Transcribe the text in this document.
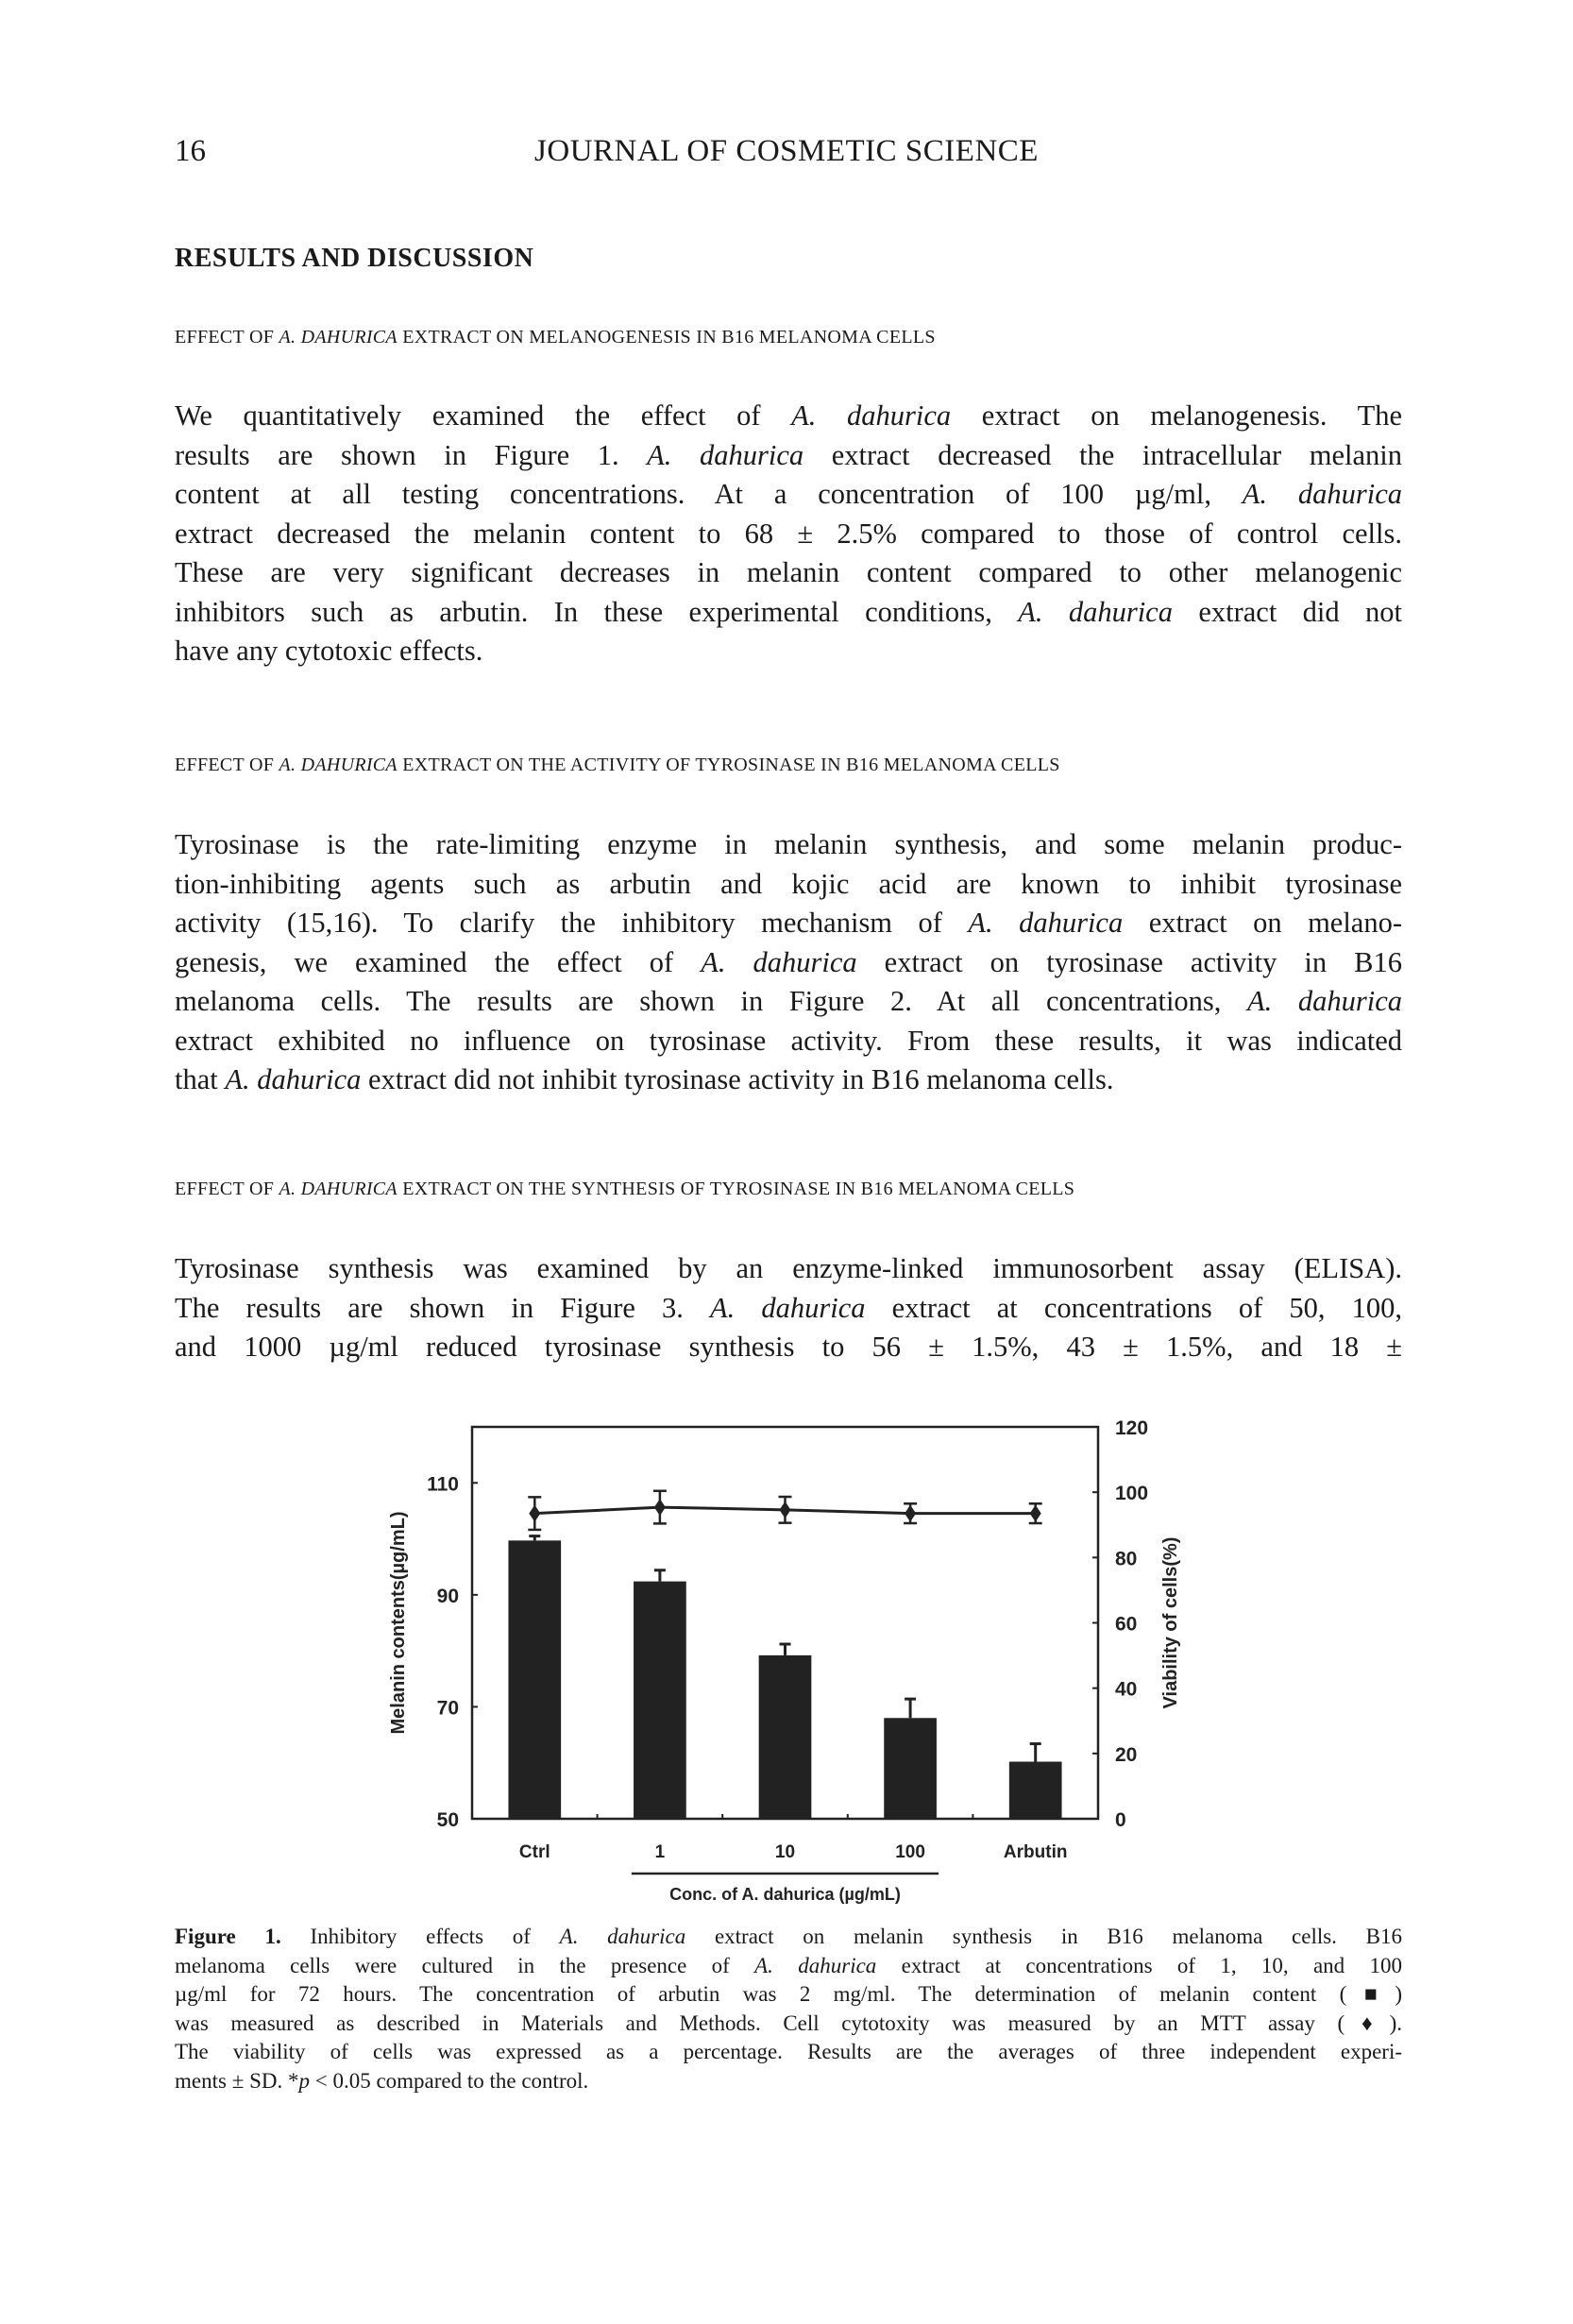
16	JOURNAL OF COSMETIC SCIENCE
RESULTS AND DISCUSSION
EFFECT OF A. DAHURICA EXTRACT ON MELANOGENESIS IN B16 MELANOMA CELLS
We quantitatively examined the effect of A. dahurica extract on melanogenesis. The
results are shown in Figure 1. A. dahurica extract decreased the intracellular melanin
content at all testing concentrations. At a concentration of 100 µg/ml, A. dahurica
extract decreased the melanin content to 68 ± 2.5% compared to those of control cells.
These are very significant decreases in melanin content compared to other melanogenic
inhibitors such as arbutin. In these experimental conditions, A. dahurica extract did not
have any cytotoxic effects.
EFFECT OF A. DAHURICA EXTRACT ON THE ACTIVITY OF TYROSINASE IN B16 MELANOMA CELLS
Tyrosinase is the rate-limiting enzyme in melanin synthesis, and some melanin produc-
tion-inhibiting agents such as arbutin and kojic acid are known to inhibit tyrosinase
activity (15,16). To clarify the inhibitory mechanism of A. dahurica extract on melano-
genesis, we examined the effect of A. dahurica extract on tyrosinase activity in B16
melanoma cells. The results are shown in Figure 2. At all concentrations, A. dahurica
extract exhibited no influence on tyrosinase activity. From these results, it was indicated
that A. dahurica extract did not inhibit tyrosinase activity in B16 melanoma cells.
EFFECT OF A. DAHURICA EXTRACT ON THE SYNTHESIS OF TYROSINASE IN B16 MELANOMA CELLS
Tyrosinase synthesis was examined by an enzyme-linked immunosorbent assay (ELISA).
The results are shown in Figure 3. A. dahurica extract at concentrations of 50, 100,
and 1000 µg/ml reduced tyrosinase synthesis to 56 ± 1.5%, 43 ± 1.5%, and 18 ±
50
70
90
110
0
20
40
60
80
100
120
Melanin contents(µg/mL)	Viability of cells(%)
Ctrl	1	10	100	Arbutin
Conc. of A. dahurica (µg/mL)
Figure 1. Inhibitory effects of A. dahurica extract on melanin synthesis in B16 melanoma cells. B16
melanoma cells were cultured in the presence of A. dahurica extract at concentrations of 1, 10, and 100
µg/ml for 72 hours. The concentration of arbutin was 2 mg/ml. The determination of melanin content (■)
was measured as described in Materials and Methods. Cell cytotoxity was measured by an MTT assay (♦).
The viability of cells was expressed as a percentage. Results are the averages of three independent experi-
ments ± SD. *p < 0.05 compared to the control.
